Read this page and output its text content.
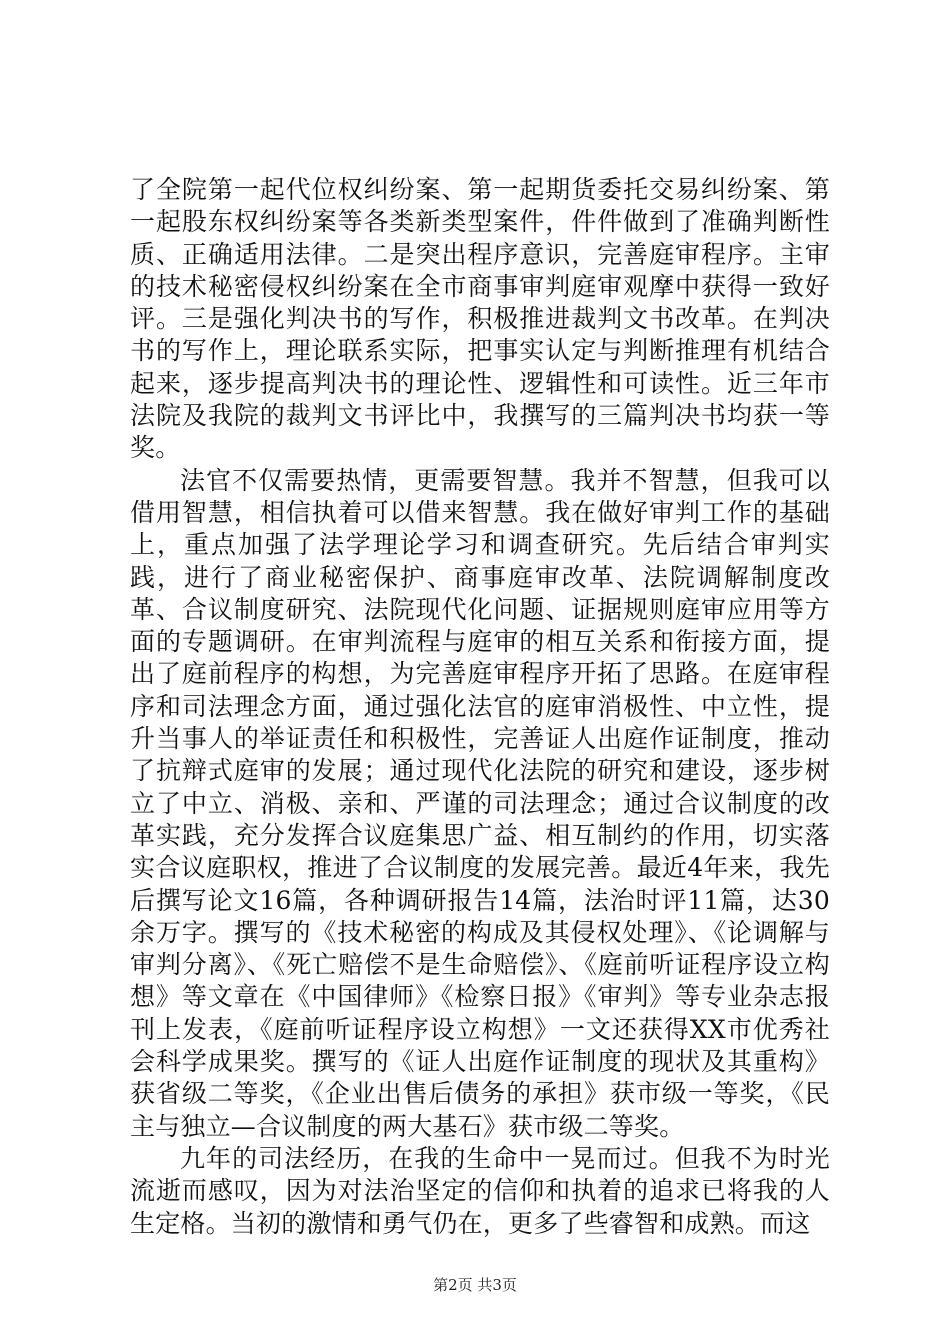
了全院第一起代位权纠纷案、第一起期货委托交易纠纷案、第一起股东权纠纷案等各类新类型案件，件件做到了准确判断性质、正确适用法律。二是突出程序意识，完善庭审程序。主审的技术秘密侵权纠纷案在全市商事审判庭审观摩中获得一致好评。三是强化判决书的写作，积极推进裁判文书改革。在判决书的写作上，理论联系实际，把事实认定与判断推理有机结合起来，逐步提高判决书的理论性、逻辑性和可读性。近三年市法院及我院的裁判文书评比中，我撰写的三篇判决书均获一等奖。

法官不仅需要热情，更需要智慧。我并不智慧，但我可以借用智慧，相信执着可以借来智慧。我在做好审判工作的基础上，重点加强了法学理论学习和调查研究。先后结合审判实践，进行了商业秘密保护、商事庭审改革、法院调解制度改革、合议制度研究、法院现代化问题、证据规则庭审应用等方面的专题调研。在审判流程与庭审的相互关系和衔接方面，提出了庭前程序的构想，为完善庭审程序开拓了思路。在庭审程序和司法理念方面，通过强化法官的庭审消极性、中立性，提升当事人的举证责任和积极性，完善证人出庭作证制度，推动了抗辩式庭审的发展；通过现代化法院的研究和建设，逐步树立了中立、消极、亲和、严谨的司法理念；通过合议制度的改革实践，充分发挥合议庭集思广益、相互制约的作用，切实落实合议庭职权，推进了合议制度的发展完善。最近4年来，我先后撰写论文16篇，各种调研报告14篇，法治时评11篇，达30余万字。撰写的《技术秘密的构成及其侵权处理》、《论调解与审判分离》、《死亡赔偿不是生命赔偿》、《庭前听证程序设立构想》等文章在《中国律师》《检察日报》《审判》等专业杂志报刊上发表，《庭前听证程序设立构想》一文还获得XX市优秀社会科学成果奖。撰写的《证人出庭作证制度的现状及其重构》获省级二等奖，《企业出售后债务的承担》获市级一等奖，《民主与独立—合议制度的两大基石》获市级二等奖。

九年的司法经历，在我的生命中一晃而过。但我不为时光流逝而感叹，因为对法治坚定的信仰和执着的追求已将我的人生定格。当初的激情和勇气仍在，更多了些睿智和成熟。而这

第2页 共3页
